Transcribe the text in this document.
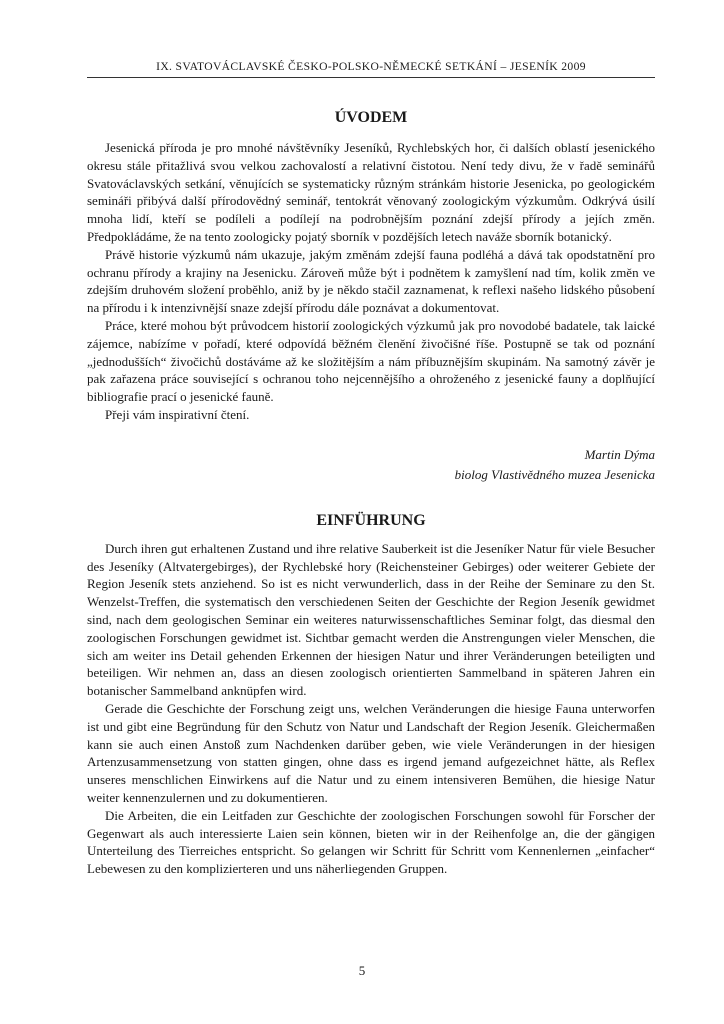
IX. SVATOVÁCLAVSKÉ ČESKO-POLSKO-NĚMECKÉ SETKÁNÍ – JESENÍK 2009
ÚVODEM

Jesenická příroda je pro mnohé návštěvníky Jeseníků, Rychlebských hor, či dalších oblastí jesenického okresu stále přitažlivá svou velkou zachovalostí a relativní čistotou. Není tedy divu, že v řadě seminářů Svatováclavských setkání, věnujících se systematicky různým stránkám historie Jesenicka, po geologickém semináři přibývá další přírodovědný seminář, tentokrát věnovaný zoologickým výzkumům. Odkrývá úsilí mnoha lidí, kteří se podíleli a podílejí na podrobnějším poznání zdejší přírody a jejích změn. Předpokládáme, že na tento zoologicky pojatý sborník v pozdějších letech naváže sborník botanický.

Právě historie výzkumů nám ukazuje, jakým změnám zdejší fauna podléhá a dává tak opodstatnění pro ochranu přírody a krajiny na Jesenicku. Zároveň může být i podnětem k zamyšlení nad tím, kolik změn ve zdejším druhovém složení proběhlo, aniž by je někdo stačil zaznamenat, k reflexi našeho lidského působení na přírodu i k intenzivnější snaze zdejší přírodu dále poznávat a dokumentovat.

Práce, které mohou být průvodcem historií zoologických výzkumů jak pro novodobé badatele, tak laické zájemce, nabízíme v pořadí, které odpovídá běžném členění živočišné říše. Postupně se tak od poznání „jednodušších“ živočichů dostáváme až ke složitějším a nám příbuznějším skupinám. Na samotný závěr je pak zařazena práce související s ochranou toho nejcennějšího a ohroženého z jesenické fauny a doplňující bibliografie prací o jesenické fauně.

Přeji vám inspirativní čtení.

Martin Dýma
biolog Vlastivědného muzea Jesenicka
EINFÜHRUNG

Durch ihren gut erhaltenen Zustand und ihre relative Sauberkeit ist die Jeseníker Natur für viele Besucher des Jeseníky (Altvatergebirges), der Rychlebské hory (Reichensteiner Gebirges) oder weiterer Gebiete der Region Jeseník stets anziehend. So ist es nicht verwunderlich, dass in der Reihe der Seminare zu den St. Wenzelst-Treffen, die systematisch den verschiedenen Seiten der Geschichte der Region Jeseník gewidmet sind, nach dem geologischen Seminar ein weiteres naturwissenschaftliches Seminar folgt, das diesmal den zoologischen Forschungen gewidmet ist. Sichtbar gemacht werden die Anstrengungen vieler Menschen, die sich am weiter ins Detail gehenden Erkennen der hiesigen Natur und ihrer Veränderungen beteiligten und beteiligen. Wir nehmen an, dass an diesen zoologisch orientierten Sammelband in späteren Jahren ein botanischer Sammelband anknüpfen wird.

Gerade die Geschichte der Forschung zeigt uns, welchen Veränderungen die hiesige Fauna unterworfen ist und gibt eine Begründung für den Schutz von Natur und Landschaft der Region Jeseník. Gleichermaßen kann sie auch einen Anstoß zum Nachdenken darüber geben, wie viele Veränderungen in der hiesigen Artenzusammensetzung von statten gingen, ohne dass es irgend jemand aufgezeichnet hätte, als Reflex unseres menschlichen Einwirkens auf die Natur und zu einem intensiveren Bemühen, die hiesige Natur weiter kennenzulernen und zu dokumentieren.

Die Arbeiten, die ein Leitfaden zur Geschichte der zoologischen Forschungen sowohl für Forscher der Gegenwart als auch interessierte Laien sein können, bieten wir in der Reihenfolge an, die der gängigen Unterteilung des Tierreiches entspricht. So gelangen wir Schritt für Schritt vom Kennenlernen „einfacher“ Lebewesen zu den komplizierteren und uns näherliegenden Gruppen.

5
